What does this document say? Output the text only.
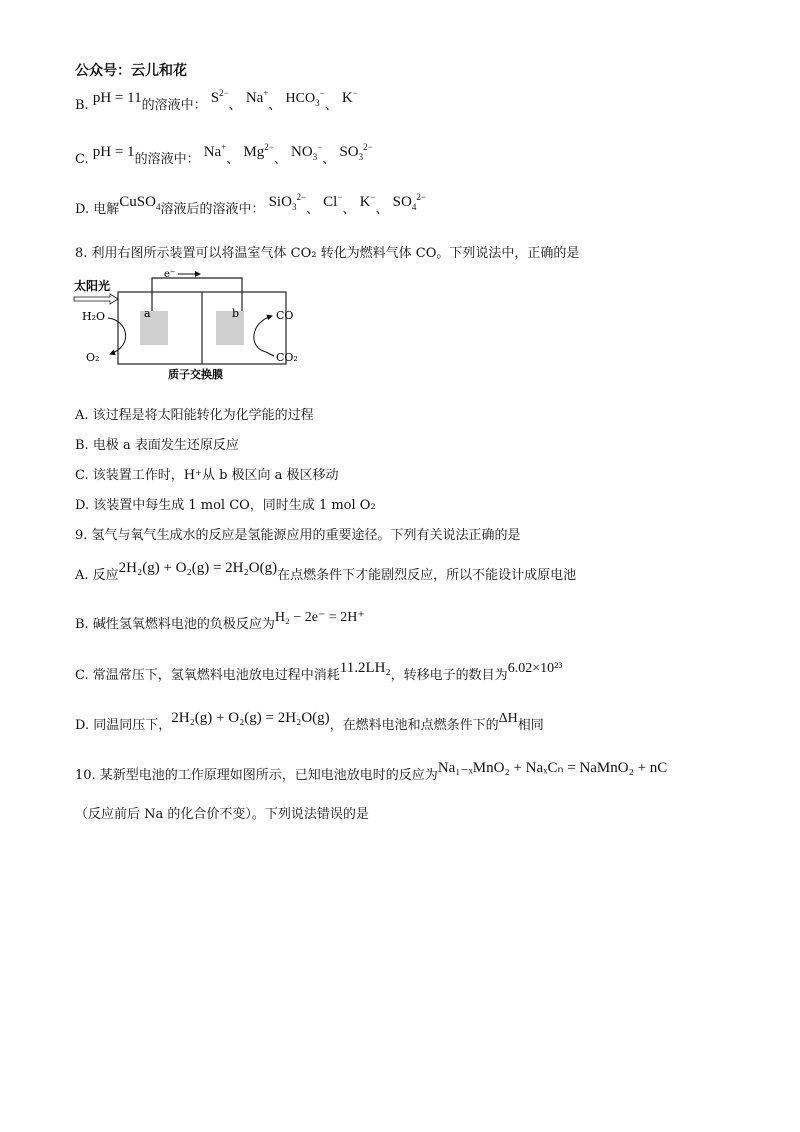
公众号：云儿和花
B. pH = 11的溶液中： $S^{2-}$、 Na+、 $HCO_3^-$、 K−
C. pH = 1的溶液中： Na+、 $Mg^{2-}$、 $NO_3^-$、 $SO_3^{2-}$
D. 电解CuSO$_4$溶液后的溶液中： SiO$_3^{2-}$、 Cl−、 K−、 $SO_4^{2-}$
8. 利用右图所示装置可以将温室气体 CO₂ 转化为燃料气体 CO。下列说法中，正确的是
e⁻
a	b
太阳光
H₂O
O₂
CO
CO₂
质子交换膜
A. 该过程是将太阳能转化为化学能的过程
B. 电极 a 表面发生还原反应
C. 该装置工作时，H⁺从 b 极区向 a 极区移动
D. 该装置中每生成 1 mol CO，同时生成 1 mol O₂
9. 氢气与氧气生成水的反应是氢能源应用的重要途径。下列有关说法正确的是
A. 反应2H₂(g) + O₂(g) = 2H₂O(g)在点燃条件下才能剧烈反应，所以不能设计成原电池
B. 碱性氢氧燃料电池的负极反应为H₂ − 2e⁻ = 2H⁺
C. 常温常压下，氢氧燃料电池放电过程中消耗11.2LH₂，转移电子的数目为6.02×10²³
D. 同温同压下，2H₂(g) + O₂(g) = 2H₂O(g)，在燃料电池和点燃条件下的ΔH相同
10. 某新型电池的工作原理如图所示，已知电池放电时的反应为Na₁₋ₓMnO₂ + NaₓCₙ = NaMnO₂ + nC
（反应前后 Na 的化合价不变）。下列说法错误的是
